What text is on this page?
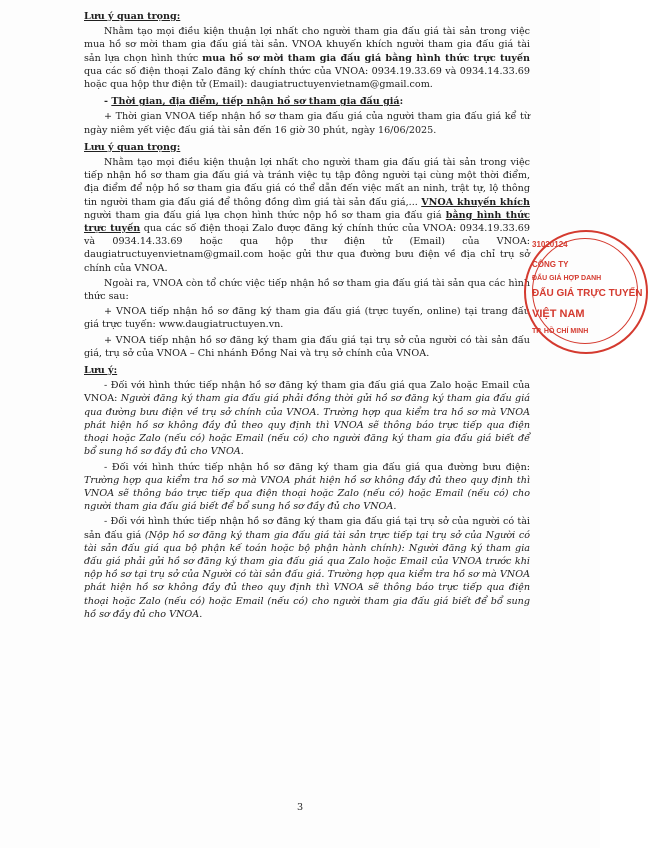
Lưu ý quan trọng:

Nhằm tạo mọi điều kiện thuận lợi nhất cho người tham gia đấu giá tài sản trong việc mua hồ sơ mời tham gia đấu giá tài sản. VNOA khuyến khích người tham gia đấu giá tài sản lựa chọn hình thức mua hồ sơ mời tham gia đấu giá bằng hình thức trực tuyến qua các số điện thoại Zalo đăng ký chính thức của VNOA: 0934.19.33.69 và 0934.14.33.69 hoặc qua hộp thư điện tử (Email): daugiatructuyenvietnam@gmail.com.

- Thời gian, địa điểm, tiếp nhận hồ sơ tham gia đấu giá:

+ Thời gian VNOA tiếp nhận hồ sơ tham gia đấu giá của người tham gia đấu giá kể từ ngày niêm yết việc đấu giá tài sản đến 16 giờ 30 phút, ngày 16/06/2025.

Lưu ý quan trọng:

Nhằm tạo mọi điều kiện thuận lợi nhất cho người tham gia đấu giá tài sản trong việc tiếp nhận hồ sơ tham gia đấu giá và tránh việc tụ tập đông người tại cùng một thời điểm, địa điểm để nộp hồ sơ tham gia đấu giá có thể dẫn đến việc mất an ninh, trật tự, lộ thông tin người tham gia đấu giá để thông đồng dìm giá tài sản đấu giá,... VNOA khuyến khích người tham gia đấu giá lựa chọn hình thức nộp hồ sơ tham gia đấu giá bằng hình thức trực tuyến qua các số điện thoại Zalo được đăng ký chính thức của VNOA: 0934.19.33.69 và 0934.14.33.69 hoặc qua hộp thư điện tử (Email) của VNOA: daugiatructuyenvietnam@gmail.com hoặc gửi thư qua đường bưu điện về địa chỉ trụ sở chính của VNOA.

Ngoài ra, VNOA còn tổ chức việc tiếp nhận hồ sơ tham gia đấu giá tài sản qua các hình thức sau:

+ VNOA tiếp nhận hồ sơ đăng ký tham gia đấu giá (trực tuyến, online) tại trang đấu giá trực tuyến: www.daugiatructuyen.vn.

+ VNOA tiếp nhận hồ sơ đăng ký tham gia đấu giá tại trụ sở của người có tài sản đấu giá, trụ sở của VNOA – Chi nhánh Đồng Nai và trụ sở chính của VNOA.

Lưu ý:

- Đối với hình thức tiếp nhận hồ sơ đăng ký tham gia đấu giá qua Zalo hoặc Email của VNOA: Người đăng ký tham gia đấu giá phải đồng thời gửi hồ sơ đăng ký tham gia đấu giá qua đường bưu điện về trụ sở chính của VNOA. Trường hợp qua kiểm tra hồ sơ mà VNOA phát hiện hồ sơ không đầy đủ theo quy định thì VNOA sẽ thông báo trực tiếp qua điện thoại hoặc Zalo (nếu có) hoặc Email (nếu có) cho người đăng ký tham gia đấu giá biết để bổ sung hồ sơ đầy đủ cho VNOA.

- Đối với hình thức tiếp nhận hồ sơ đăng ký tham gia đấu giá qua đường bưu điện: Trường hợp qua kiểm tra hồ sơ mà VNOA phát hiện hồ sơ không đầy đủ theo quy định thì VNOA sẽ thông báo trực tiếp qua điện thoại hoặc Zalo (nếu có) hoặc Email (nếu có) cho người tham gia đấu giá biết để bổ sung hồ sơ đầy đủ cho VNOA.

- Đối với hình thức tiếp nhận hồ sơ đăng ký tham gia đấu giá tại trụ sở của người có tài sản đấu giá (Nộp hồ sơ đăng ký tham gia đấu giá tài sản trực tiếp tại trụ sở của Người có tài sản đấu giá qua bộ phận kế toán hoặc bộ phận hành chính): Người đăng ký tham gia đấu giá phải gửi hồ sơ đăng ký tham gia đấu giá qua Zalo hoặc Email của VNOA trước khi nộp hồ sơ tại trụ sở của Người có tài sản đấu giá. Trường hợp qua kiểm tra hồ sơ mà VNOA phát hiện hồ sơ không đầy đủ theo quy định thì VNOA sẽ thông báo trực tiếp qua điện thoại hoặc Zalo (nếu có) hoặc Email (nếu có) cho người tham gia đấu giá biết để bổ sung hồ sơ đầy đủ cho VNOA.

3
31020124
CÔNG TY
ĐẤU GIÁ HỢP DANH
ĐẤU GIÁ TRỰC TUYẾN
VIỆT NAM
TP. HỒ CHÍ MINH
